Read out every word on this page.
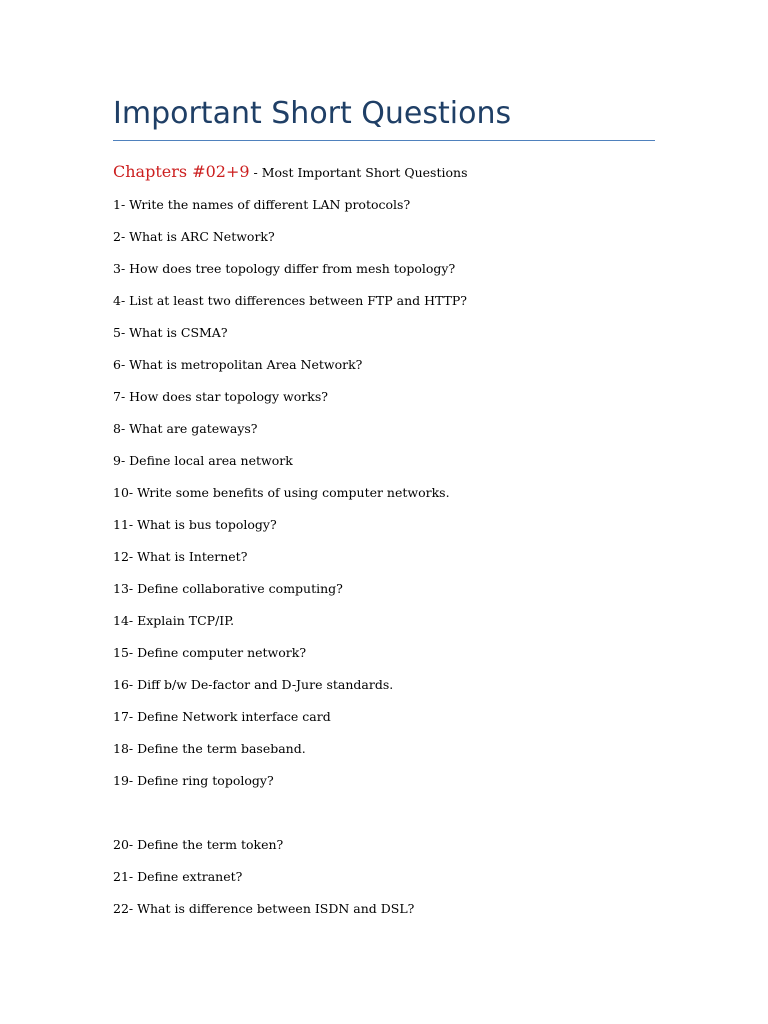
Important Short Questions

Chapters #02+9 - Most Important Short Questions

1- Write the names of different LAN protocols?
2- What is ARC Network?
3- How does tree topology differ from mesh topology?
4- List at least two differences between FTP and HTTP?
5- What is CSMA?
6- What is metropolitan Area Network?
7- How does star topology works?
8- What are gateways?
9- Define local area network
10- Write some benefits of using computer networks.
11- What is bus topology?
12- What is Internet?
13- Define collaborative computing?
14- Explain TCP/IP.
15- Define computer network?
16- Diff b/w De-factor and D-Jure standards.
17- Define Network interface card
18- Define the term baseband.
19- Define ring topology?
20- Define the term token?
21- Define extranet?
22- What is difference between ISDN and DSL?
